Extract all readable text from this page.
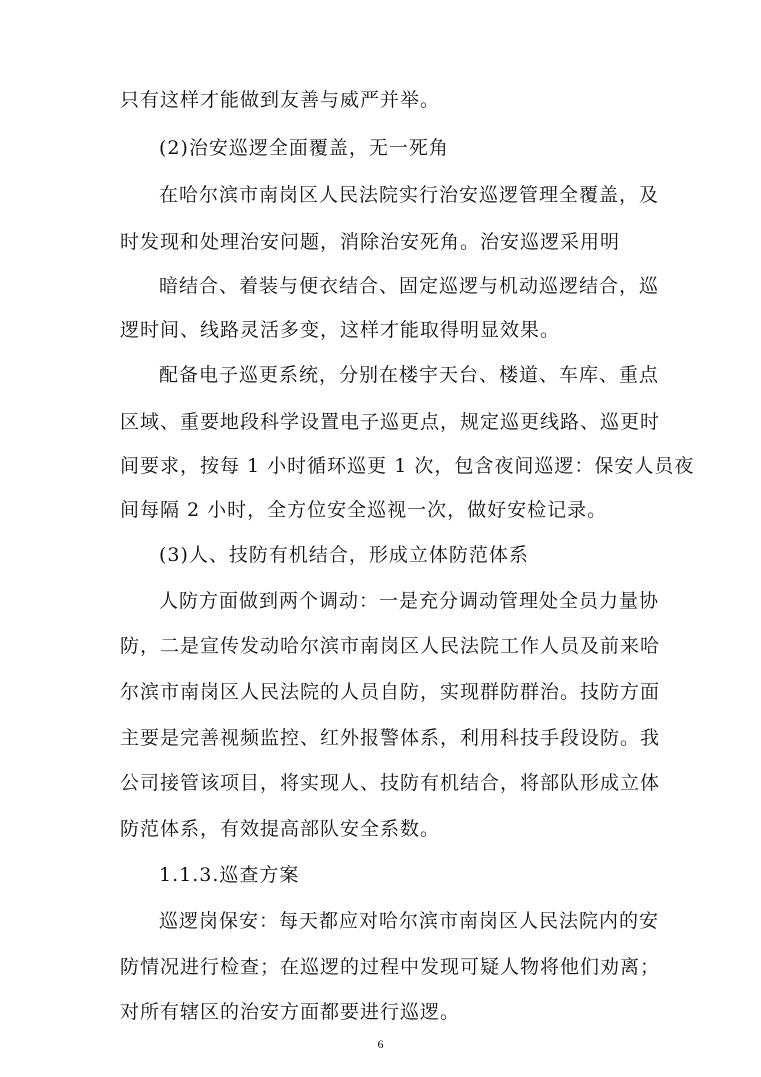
只有这样才能做到友善与威严并举。
(2)治安巡逻全面覆盖，无一死角
在哈尔滨市南岗区人民法院实行治安巡逻管理全覆盖，及
时发现和处理治安问题，消除治安死角。治安巡逻采用明
暗结合、着装与便衣结合、固定巡逻与机动巡逻结合，巡
逻时间、线路灵活多变，这样才能取得明显效果。
配备电子巡更系统，分别在楼宇天台、楼道、车库、重点
区域、重要地段科学设置电子巡更点，规定巡更线路、巡更时
间要求，按每 1 小时循环巡更 1 次，包含夜间巡逻：保安人员夜
间每隔 2 小时，全方位安全巡视一次，做好安检记录。
(3)人、技防有机结合，形成立体防范体系
人防方面做到两个调动：一是充分调动管理处全员力量协
防，二是宣传发动哈尔滨市南岗区人民法院工作人员及前来哈
尔滨市南岗区人民法院的人员自防，实现群防群治。技防方面
主要是完善视频监控、红外报警体系，利用科技手段设防。我
公司接管该项目，将实现人、技防有机结合，将部队形成立体
防范体系，有效提高部队安全系数。
1.1.3.巡查方案
巡逻岗保安：每天都应对哈尔滨市南岗区人民法院内的安
防情况进行检查；在巡逻的过程中发现可疑人物将他们劝离；
对所有辖区的治安方面都要进行巡逻。
6
